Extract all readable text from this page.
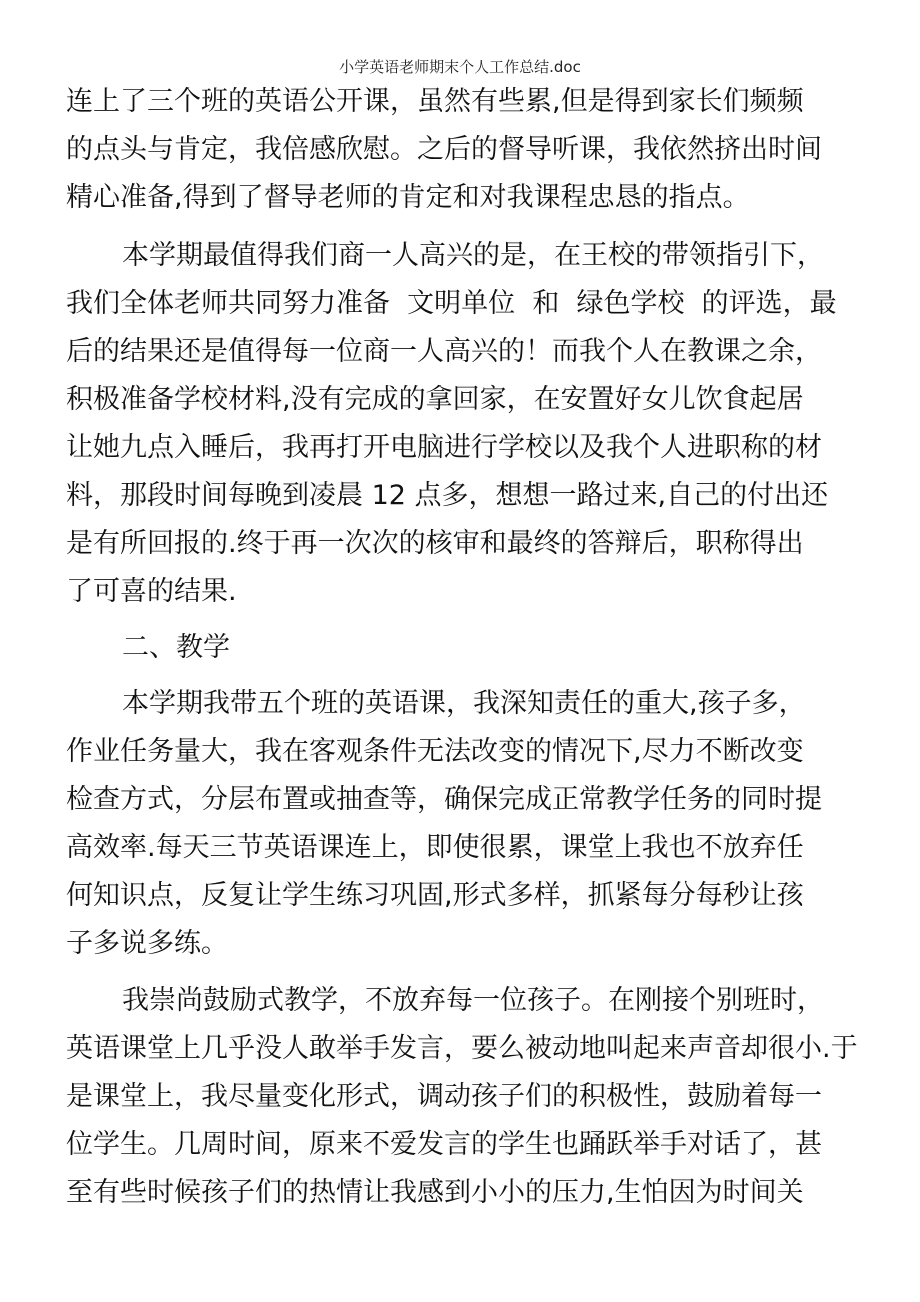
小学英语老师期末个人工作总结.doc
连上了三个班的英语公开课，虽然有些累,但是得到家长们频频
的点头与肯定，我倍感欣慰。之后的督导听课，我依然挤出时间
精心准备,得到了督导老师的肯定和对我课程忠恳的指点。
本学期最值得我们商一人高兴的是，在王校的带领指引下，
我们全体老师共同努力准备  文明单位  和  绿色学校  的评选，最
后的结果还是值得每一位商一人高兴的！而我个人在教课之余，
积极准备学校材料,没有完成的拿回家，在安置好女儿饮食起居
让她九点入睡后，我再打开电脑进行学校以及我个人进职称的材
料，那段时间每晚到凌晨 12 点多，想想一路过来,自己的付出还
是有所回报的.终于再一次次的核审和最终的答辩后，职称得出
了可喜的结果.
二、教学
本学期我带五个班的英语课，我深知责任的重大,孩子多，
作业任务量大，我在客观条件无法改变的情况下,尽力不断改变
检查方式，分层布置或抽查等，确保完成正常教学任务的同时提
高效率.每天三节英语课连上，即使很累，课堂上我也不放弃任
何知识点，反复让学生练习巩固,形式多样，抓紧每分每秒让孩
子多说多练。
我崇尚鼓励式教学，不放弃每一位孩子。在刚接个别班时，
英语课堂上几乎没人敢举手发言，要么被动地叫起来声音却很小.于
是课堂上，我尽量变化形式，调动孩子们的积极性，鼓励着每一
位学生。几周时间，原来不爱发言的学生也踊跃举手对话了，甚
至有些时候孩子们的热情让我感到小小的压力,生怕因为时间关
